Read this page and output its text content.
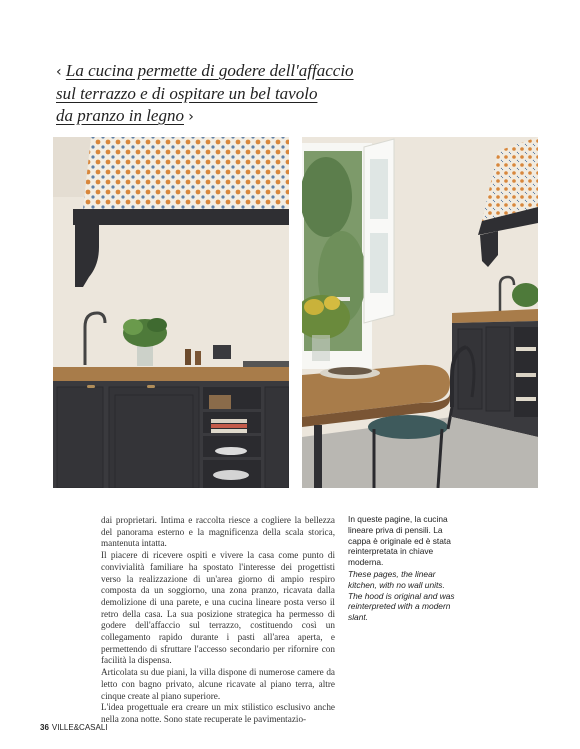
‹ La cucina permette di godere dell'affaccio
sul terrazzo e di ospitare un bel tavolo
da pranzo in legno ›

dai proprietari. Intima e raccolta riesce a cogliere la bellezza del panorama esterno e la magnificenza della scala storica, mantenuta intatta.

Il piacere di ricevere ospiti e vivere la casa come punto di convivialità familiare ha spostato l'interesse dei progettisti verso la realizzazione di un'area giorno di ampio respiro composta da un soggiorno, una zona pranzo, ricavata dalla demolizione di una parete, e una cucina lineare posta verso il retro della casa. La sua posizione strategica ha permesso di godere dell'affaccio sul terrazzo, costituendo così un collegamento rapido durante i pasti all'area aperta, e permettendo di sfruttare l'accesso secondario per rifornire con facilità la dispensa.

Articolata su due piani, la villa dispone di numerose camere da letto con bagno privato, alcune ricavate al piano terra, altre cinque create al piano superiore.

L'idea progettuale era creare un mix stilistico esclusivo anche nella zona notte. Sono state recuperate le pavimentazio-

In queste pagine, la cucina lineare priva di pensili. La cappa è originale ed è stata reinterpretata in chiave moderna.

These pages, the linear kitchen, with no wall units. The hood is original and was reinterpreted with a modern slant.

36 VILLE&CASALI
